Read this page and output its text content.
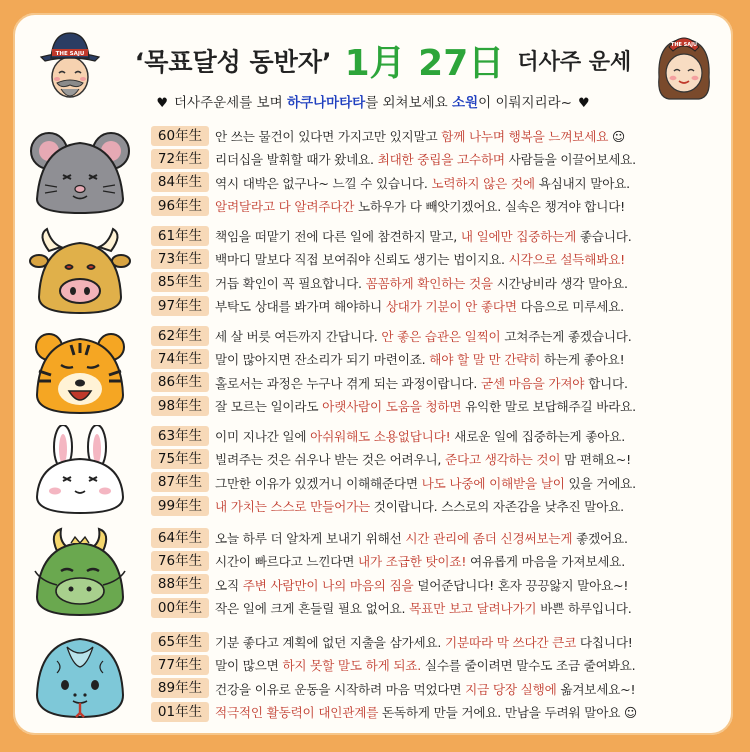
THE SAJU	‘목표달성 동반자’ 1月 27日 더사주 운세
THE SAJU
♥ 더사주운세를 보며 하쿠나마타타를 외쳐보세요 소원이 이뤄지리라~ ♥
60年生	안 쓰는 물건이 있다면 가지고만 있지말고 함께 나누며 행복을 느껴보세요 ☺
72年生	리더십을 발휘할 때가 왔네요. 최대한 중립을 고수하며 사람들을 이끌어보세요.
84年生	역시 대박은 없구나~ 느낄 수 있습니다. 노력하지 않은 것에 욕심내지 말아요.
96年生	알려달라고 다 알려주다간 노하우가 다 빼앗기겠어요. 실속은 챙겨야 합니다!
61年生	책임을 떠맡기 전에 다른 일에 참견하지 말고, 내 일에만 집중하는게 좋습니다.
73年生	백마디 말보다 직접 보여줘야 신뢰도 생기는 법이지요. 시각으로 설득해봐요!
85年生	거듭 확인이 꼭 필요합니다. 꼼꼼하게 확인하는 것을 시간낭비라 생각 말아요.
97年生	부탁도 상대를 봐가며 해야하니 상대가 기분이 안 좋다면 다음으로 미루세요.
62年生	세 살 버릇 여든까지 간답니다. 안 좋은 습관은 일찍이 고쳐주는게 좋겠습니다.
74年生	말이 많아지면 잔소리가 되기 마련이죠. 해야 할 말 만 간략히 하는게 좋아요!
86年生	홀로서는 과정은 누구나 겪게 되는 과정이랍니다. 굳센 마음을 가져야 합니다.
98年生	잘 모르는 일이라도 아랫사람이 도움을 청하면 유익한 말로 보답해주길 바라요.
63年生	이미 지나간 일에 아쉬워해도 소용없답니다! 새로운 일에 집중하는게 좋아요.
75年生	빌려주는 것은 쉬우나 받는 것은 어려우니, 준다고 생각하는 것이 맘 편해요~!
87年生	그만한 이유가 있겠거니 이해해준다면 나도 나중에 이해받을 날이 있을 거에요.
99年生	내 가치는 스스로 만들어가는 것이랍니다. 스스로의 자존감을 낮추진 말아요.
64年生	오늘 하루 더 알차게 보내기 위해선 시간 관리에 좀더 신경써보는게 좋겠어요.
76年生	시간이 빠르다고 느낀다면 내가 조급한 탓이죠! 여유롭게 마음을 가져보세요.
88年生	오직 주변 사람만이 나의 마음의 짐을 덜어준답니다! 혼자 끙끙앓지 말아요~!
00年生	작은 일에 크게 흔들릴 필요 없어요. 목표만 보고 달려나가기 바쁜 하루입니다.
65年生	기분 좋다고 계획에 없던 지출을 삼가세요. 기분따라 막 쓰다간 큰코 다칩니다!
77年生	말이 많으면 하지 못할 말도 하게 되죠. 실수를 줄이려면 말수도 조금 줄여봐요.
89年生	건강을 이유로 운동을 시작하려 마음 먹었다면 지금 당장 실행에 옮겨보세요~!
01年生	적극적인 활동력이 대인관계를 돈독하게 만들 거에요. 만남을 두려워 말아요 ☺
